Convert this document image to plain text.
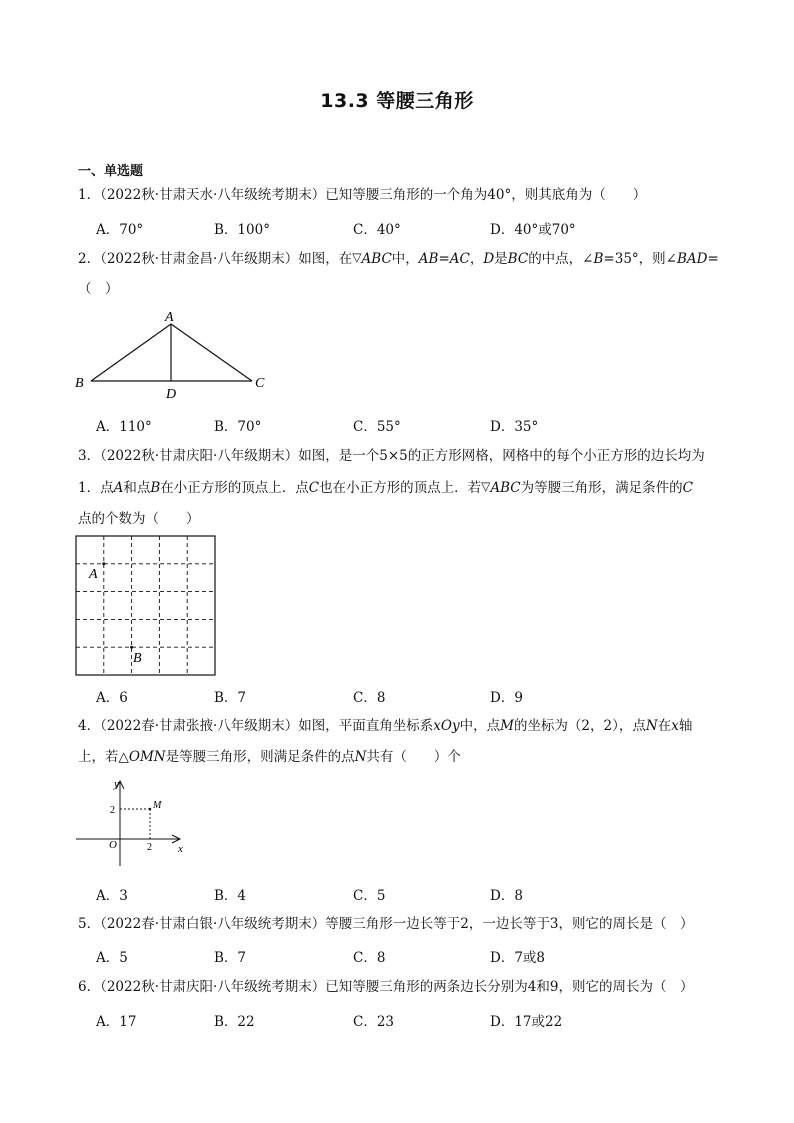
13.3 等腰三角形
一、单选题
1．（2022秋·甘肃天水·八年级统考期末）已知等腰三角形的一个角为40°，则其底角为（　　）
A．70°	B．100°	C．40°	D．40°或70°
2．（2022秋·甘肃金昌·八年级期末）如图，在△ABC中，AB=AC，D是BC的中点，∠B=35°，则∠BAD=
（　）
A
B	C
D
A．110°	B．70°	C．55°	D．35°
3．（2022秋·甘肃庆阳·八年级期末）如图，是一个5×5的正方形网格，网格中的每个小正方形的边长均为
1．点A和点B在小正方形的顶点上．点C也在小正方形的顶点上．若△ABC为等腰三角形，满足条件的C
点的个数为（　　）
A
B
A．6	B．7	C．8	D．9
4．（2022春·甘肃张掖·八年级期末）如图，平面直角坐标系xOy中，点M的坐标为（2，2），点N在x轴
上，若△OMN是等腰三角形，则满足条件的点N共有（　　）个
y
x
O
M
2
2
A．3	B．4	C．5	D．8
5．（2022春·甘肃白银·八年级统考期末）等腰三角形一边长等于2，一边长等于3，则它的周长是（　）
A．5	B．7	C．8	D．7或8
6．（2022秋·甘肃庆阳·八年级统考期末）已知等腰三角形的两条边长分别为4和9，则它的周长为（　）
A．17	B．22	C．23	D．17或22
